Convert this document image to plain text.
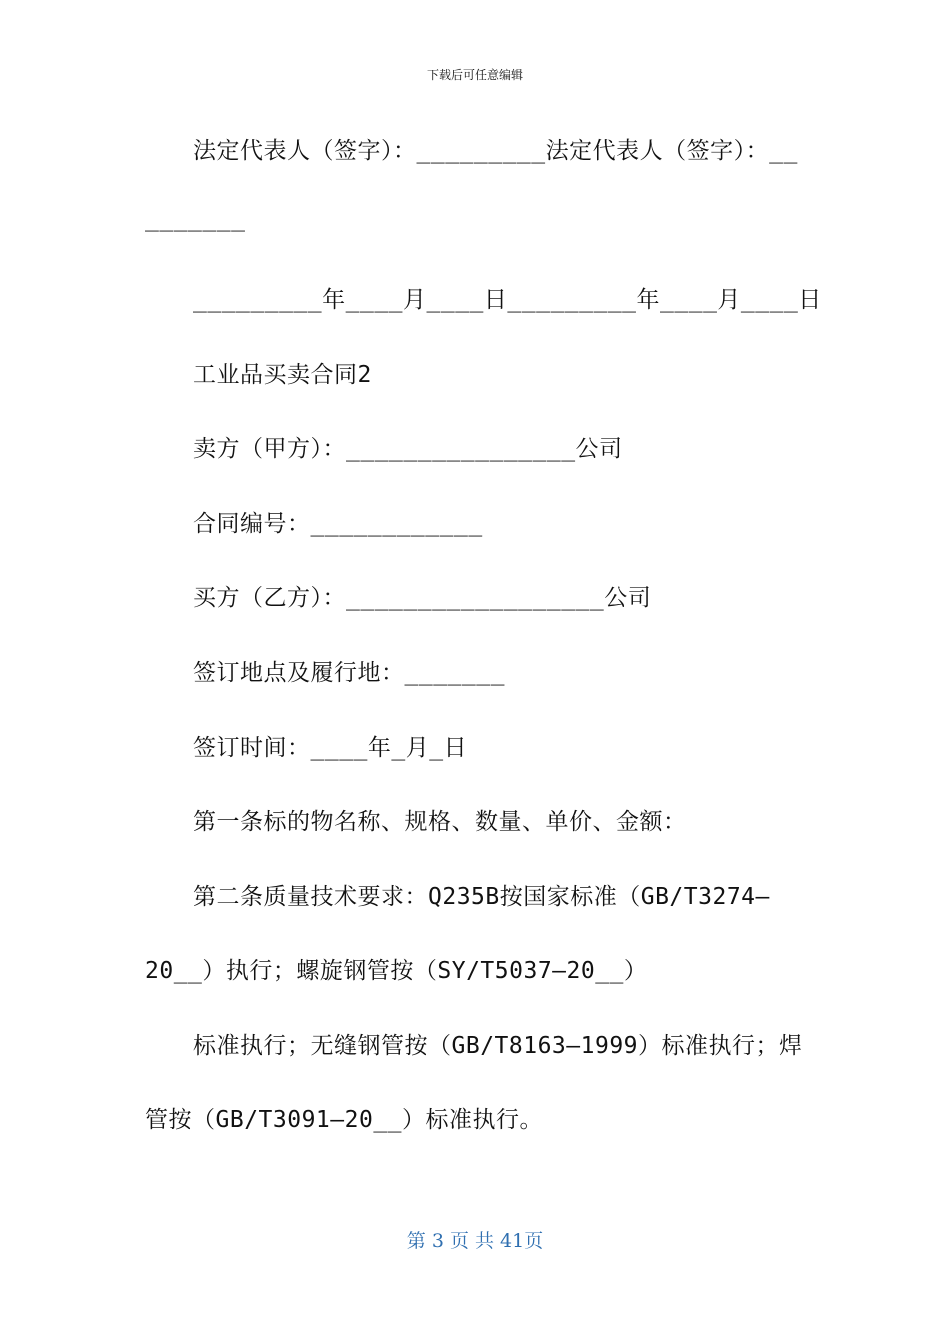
下载后可任意编辑
法定代表人（签字）：_________法定代表人（签字）：__
_______
_________年____月____日_________年____月____日
工业品买卖合同2
卖方（甲方）：________________公司
合同编号：____________
买方（乙方）：__________________公司
签订地点及履行地：_______
签订时间：____年_月_日
第一条标的物名称、规格、数量、单价、金额：
第二条质量技术要求：Q235B按国家标准（GB/T3274—
20__）执行；螺旋钢管按（SY/T5037—20__）
标准执行；无缝钢管按（GB/T8163—1999）标准执行；焊
管按（GB/T3091—20__）标准执行。
第 3 页 共 41页
